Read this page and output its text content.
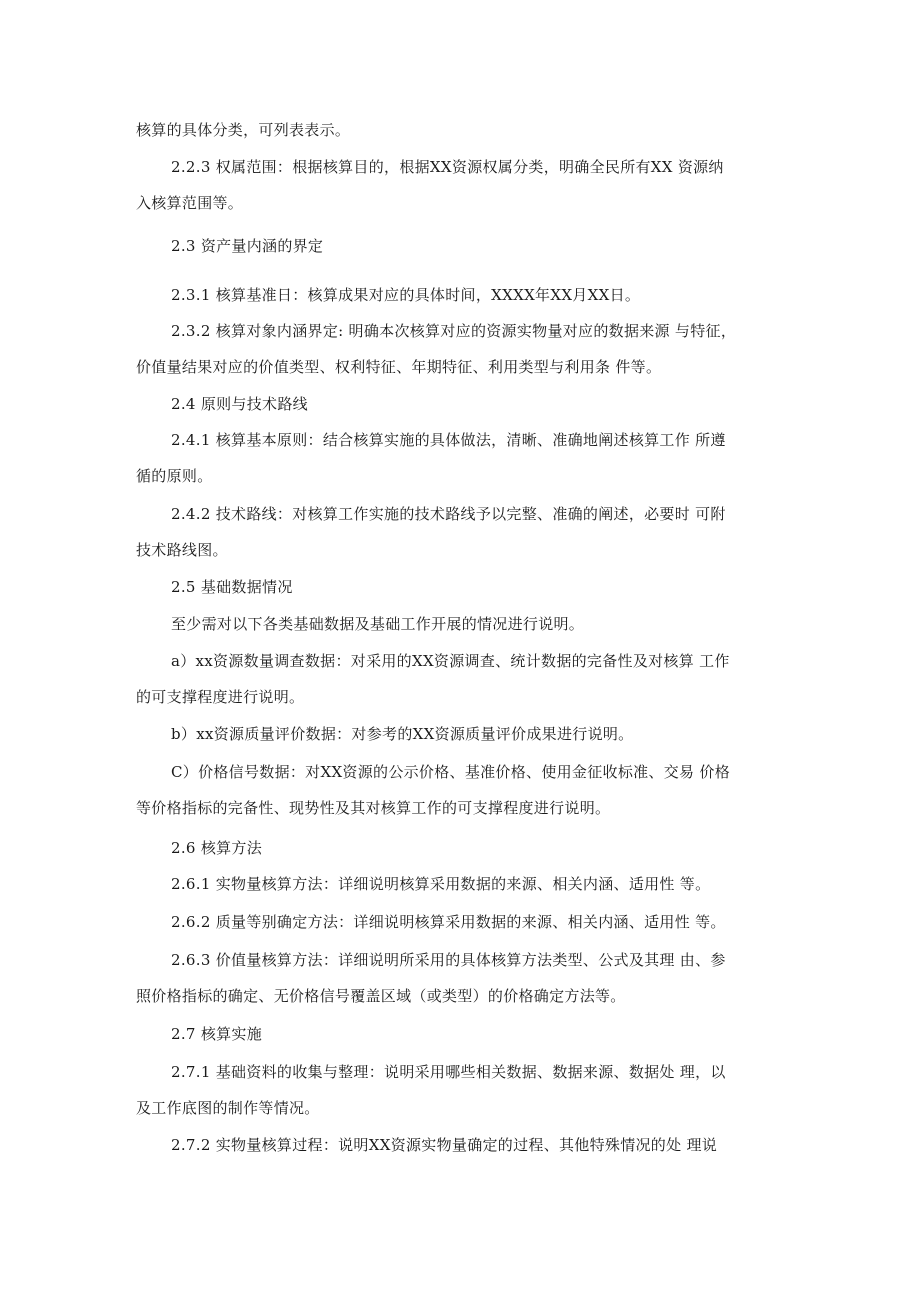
核算的具体分类，可列表表示。
2.2.3 权属范围：根据核算目的，根据XX资源权属分类，明确全民所有XX 资源纳
入核算范围等。
2.3 资产量内涵的界定
2.3.1 核算基准日：核算成果对应的具体时间，XXXX年XX月XX日。
2.3.2 核算对象内涵界定: 明确本次核算对应的资源实物量对应的数据来源 与特征，
价值量结果对应的价值类型、权利特征、年期特征、利用类型与利用条 件等。
2.4 原则与技术路线
2.4.1 核算基本原则：结合核算实施的具体做法，清晰、准确地阐述核算工作 所遵
循的原则。
2.4.2 技术路线：对核算工作实施的技术路线予以完整、准确的阐述，必要时 可附
技术路线图。
2.5 基础数据情况
至少需对以下各类基础数据及基础工作开展的情况进行说明。
a）xx资源数量调查数据：对采用的XX资源调查、统计数据的完备性及对核算 工作
的可支撑程度进行说明。
b）xx资源质量评价数据：对参考的XX资源质量评价成果进行说明。
C）价格信号数据：对XX资源的公示价格、基准价格、使用金征收标准、交易 价格
等价格指标的完备性、现势性及其对核算工作的可支撑程度进行说明。
2.6 核算方法
2.6.1 实物量核算方法：详细说明核算采用数据的来源、相关内涵、适用性 等。
2.6.2 质量等别确定方法：详细说明核算采用数据的来源、相关内涵、适用性 等。
2.6.3 价值量核算方法：详细说明所采用的具体核算方法类型、公式及其理 由、参
照价格指标的确定、无价格信号覆盖区域（或类型）的价格确定方法等。
2.7 核算实施
2.7.1 基础资料的收集与整理：说明采用哪些相关数据、数据来源、数据处 理，以
及工作底图的制作等情况。
2.7.2 实物量核算过程：说明XX资源实物量确定的过程、其他特殊情况的处 理说
